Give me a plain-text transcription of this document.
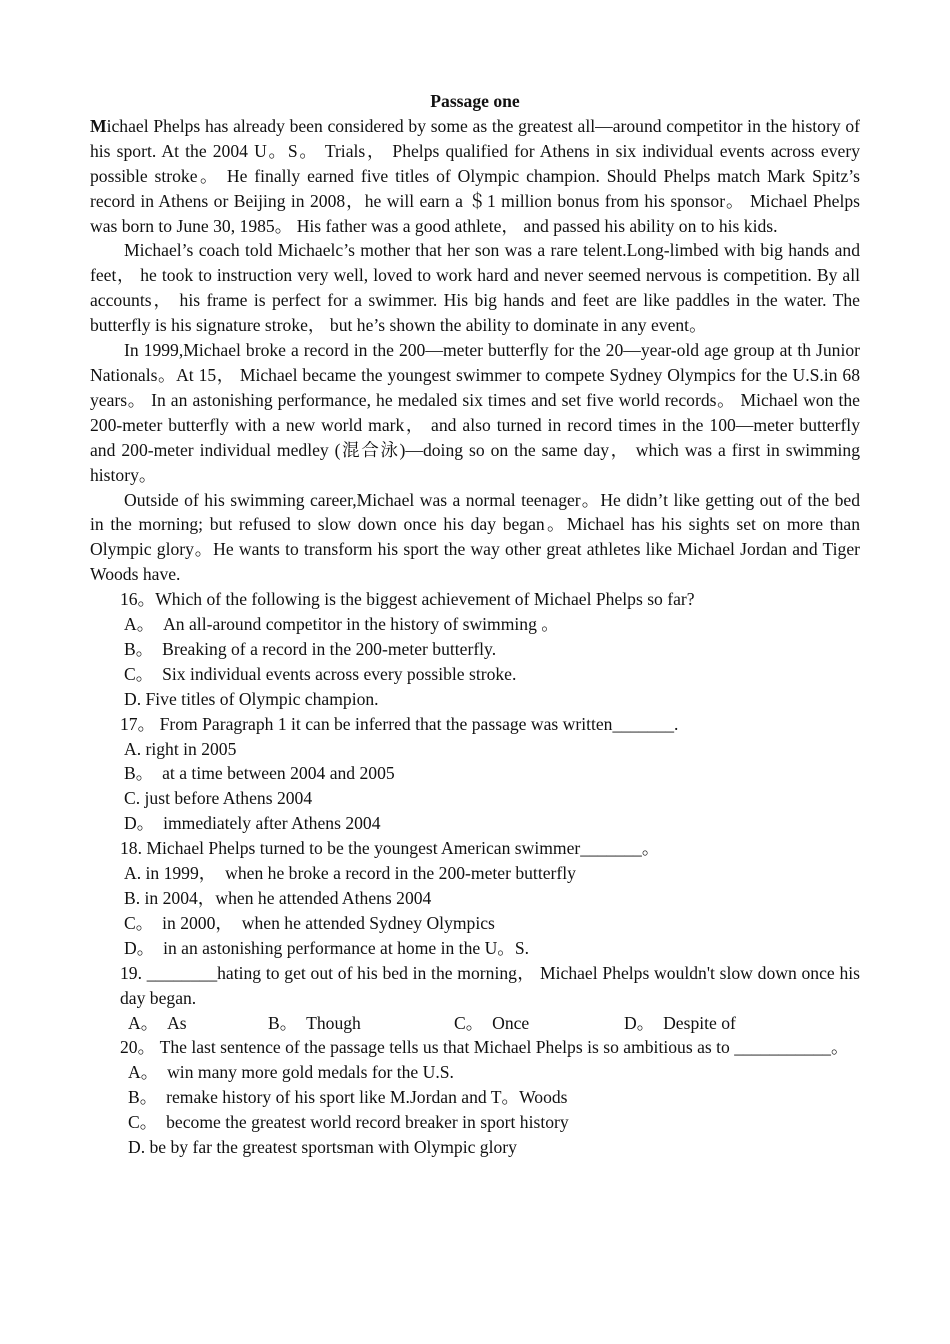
Passage one

Michael Phelps has already been considered by some as the greatest all—around competitor in the history of his sport. At the 2004 U。S。 Trials， Phelps qualified for Athens in six individual events across every possible stroke。 He finally earned five titles of Olympic champion. Should Phelps match Mark Spitz’s record in Athens or Beijing in 2008，he will earn a ＄1 million bonus from his sponsor。 Michael Phelps was born to June 30, 1985。 His father was a good athlete， and passed his ability on to his kids.

Michael’s coach told Michaelc’s mother that her son was a rare telent.Long-limbed with big hands and feet， he took to instruction very well, loved to work hard and never seemed nervous is competition. By all accounts， his frame is perfect for a swimmer. His big hands and feet are like paddles in the water. The butterfly is his signature stroke， but he’s shown the ability to dominate in any event。

In 1999,Michael broke a record in the 200—meter butterfly for the 20—year-old age group at th Junior Nationals。At 15， Michael became the youngest swimmer to compete Sydney Olympics for the U.S.in 68 years。 In an astonishing performance, he medaled six times and set five world records。 Michael won the 200-meter butterfly with a new world mark， and also turned in record times in the 100—meter butterfly and 200-meter individual medley (混合泳)—doing so on the same day， which was a first in swimming history。

Outside of his swimming career,Michael was a normal teenager。He didn’t like getting out of the bed in the morning; but refused to slow down once his day began。Michael has his sights set on more than Olympic glory。He wants to transform his sport the way other great athletes like Michael Jordan and Tiger Woods have.

16。Which of the following is the biggest achievement of Michael Phelps so far?

A。  An all-around competitor in the history of swimming 。

B。  Breaking of a record in the 200-meter butterfly.

C。  Six individual events across every possible stroke.

D. Five titles of Olympic champion.

17。 From Paragraph 1 it can be inferred that the passage was written_______.

A. right in 2005

B。  at a time between 2004 and 2005

C. just before Athens 2004

D。  immediately after Athens 2004

18. Michael Phelps turned to be the youngest American swimmer_______。

A. in 1999，  when he broke a record in the 200-meter butterfly

B. in 2004，when he attended Athens 2004

C。  in 2000，  when he attended Sydney Olympics

D。  in an astonishing performance at home in the U。S.

19. ________hating to get out of his bed in the morning， Michael Phelps wouldn't slow down once his day began.

A。  As	B。  Though	C。  Once	D。  Despite of

20。 The last sentence of the passage tells us that Michael Phelps is so ambitious as to ___________。

A。  win many more gold medals for the U.S.

B。  remake history of his sport like M.Jordan and T。Woods

C。  become the greatest world record breaker in sport history

D. be by far the greatest sportsman with Olympic glory
